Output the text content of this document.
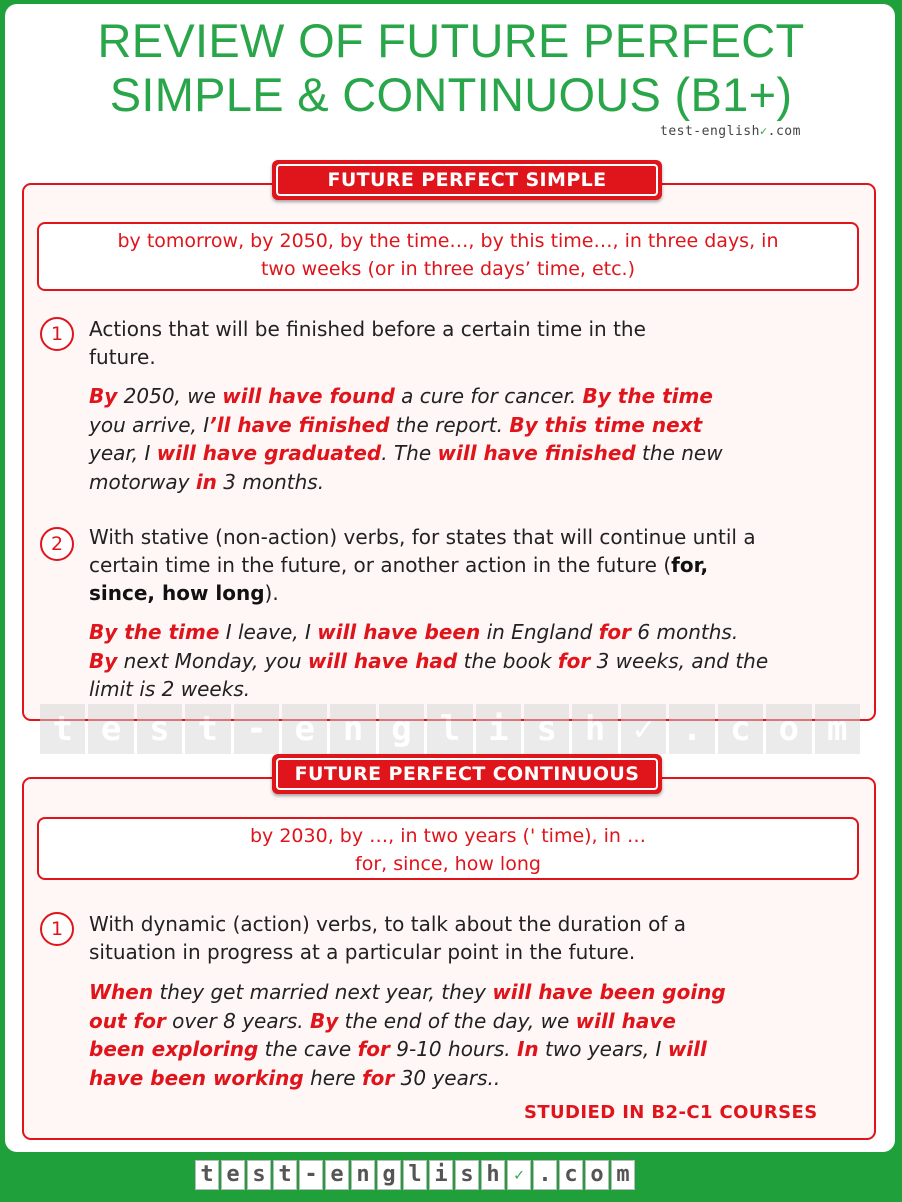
REVIEW OF FUTURE PERFECT
SIMPLE & CONTINUOUS (B1+)
test-english✓.com
FUTURE PERFECT SIMPLE
by tomorrow, by 2050, by the time…, by this time…, in three days, in
two weeks (or in three days’ time, etc.)
1	Actions that will be finished before a certain time in the
future.
By 2050, we will have found a cure for cancer. By the time
you arrive, I’ll have finished the report. By this time next
year, I will have graduated. The will have finished the new
motorway in 3 months.
2	With stative (non-action) verbs, for states that will continue until a
certain time in the future, or another action in the future (for,
since, how long).
By the time I leave, I will have been in England for 6 months.
By next Monday, you will have had the book for 3 weeks, and the
limit is 2 weeks.
t e s t - e n g l i s h ✓ . c o m
FUTURE PERFECT CONTINUOUS
by 2030, by …, in two years (' time), in …
for, since, how long
1	With dynamic (action) verbs, to talk about the duration of a
situation in progress at a particular point in the future.
When they get married next year, they will have been going
out for over 8 years. By the end of the day, we will have
been exploring the cave for 9-10 hours. In two years, I will
have been working here for 30 years..
STUDIED IN B2-C1 COURSES
t e s t - e n g l i s h ✓ . c o m
